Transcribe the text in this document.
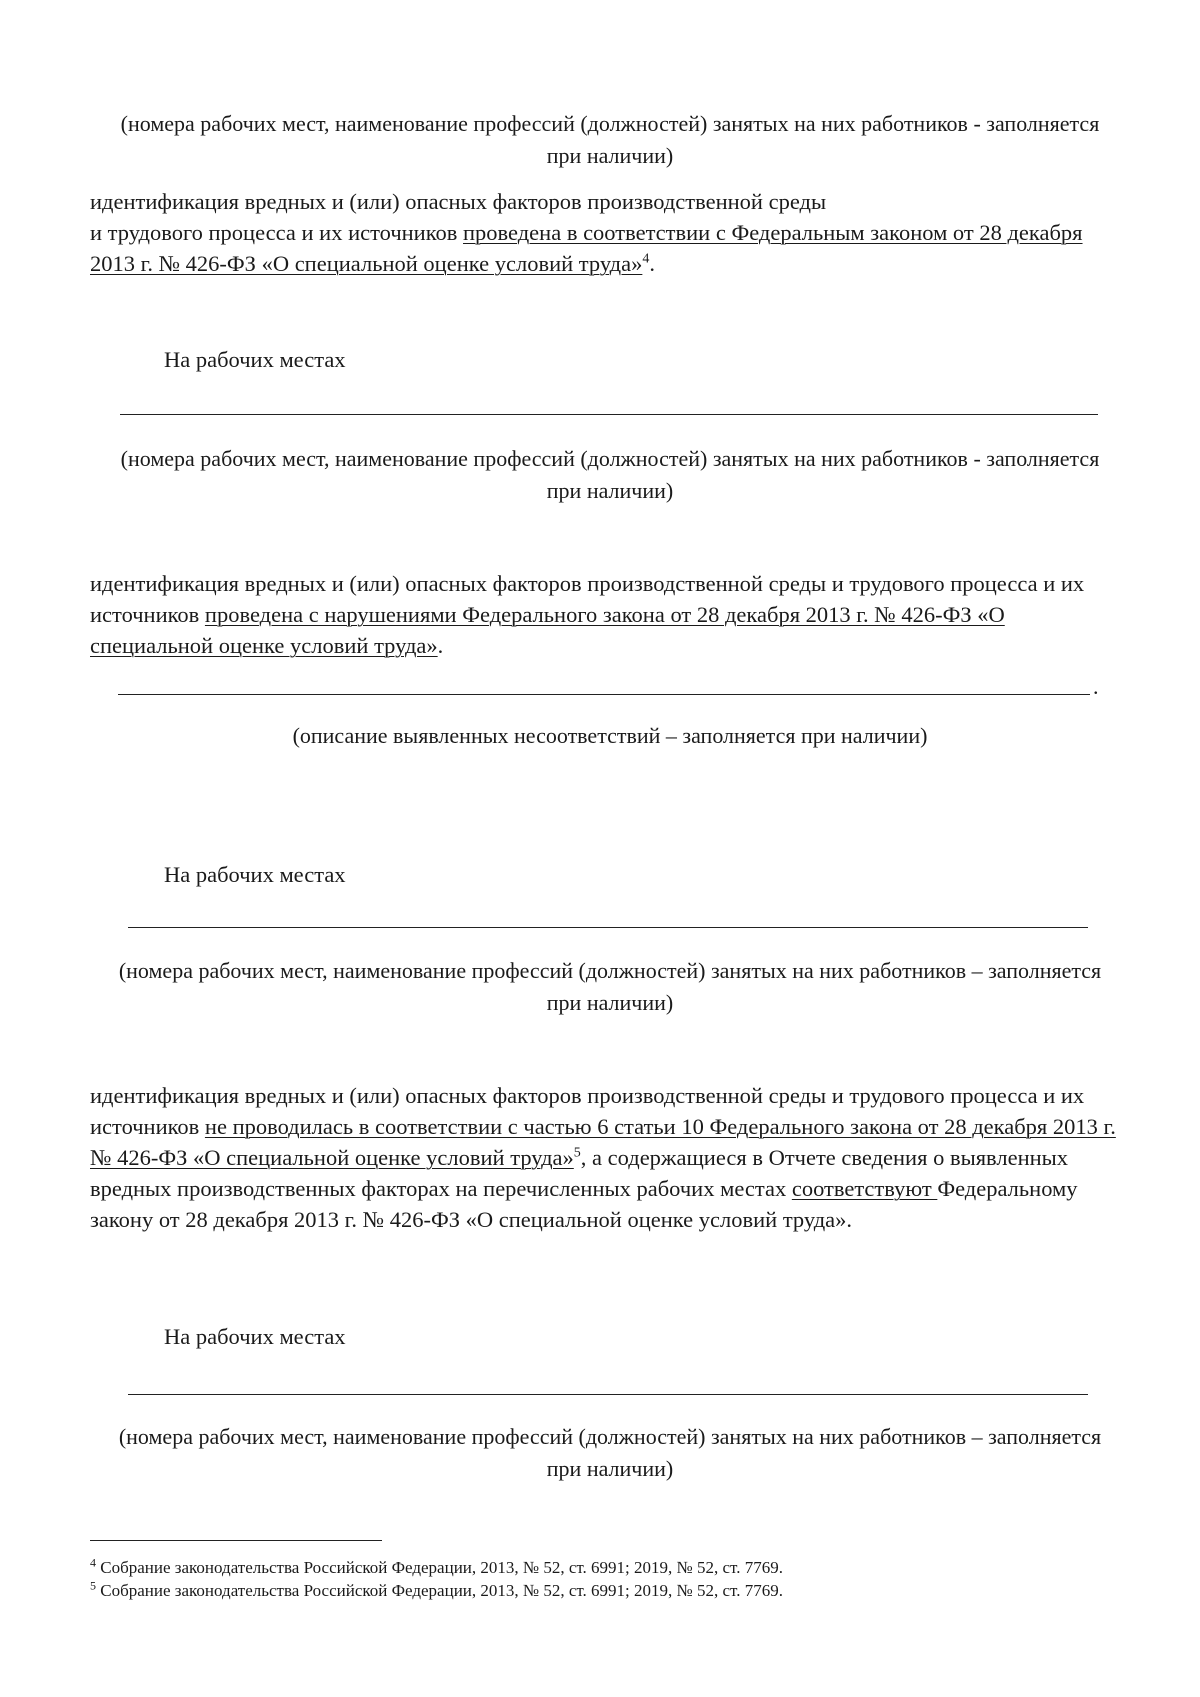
(номера рабочих мест, наименование профессий (должностей) занятых на них работников - заполняется при наличии)
идентификация вредных и (или) опасных факторов производственной среды
и трудового процесса и их источников проведена в соответствии с Федеральным законом от 28 декабря 2013 г. № 426-ФЗ «О специальной оценке условий труда»$^4$.
На рабочих местах
(номера рабочих мест, наименование профессий (должностей) занятых на них работников - заполняется при наличии)
идентификация вредных и (или) опасных факторов производственной среды и трудового процесса и их источников проведена с нарушениями Федерального закона от 28 декабря 2013 г. № 426-ФЗ «О специальной оценке условий труда».
.
(описание выявленных несоответствий – заполняется при наличии)
На рабочих местах
(номера рабочих мест, наименование профессий (должностей) занятых на них работников – заполняется при наличии)
идентификация вредных и (или) опасных факторов производственной среды и трудового процесса и их источников не проводилась в соответствии с частью 6 статьи 10 Федерального закона от 28 декабря 2013 г. № 426-ФЗ «О специальной оценке условий труда»$^5$, а содержащиеся в Отчете сведения о выявленных вредных производственных факторах на перечисленных рабочих местах соответствуют Федеральному закону от 28 декабря 2013 г. № 426-ФЗ «О специальной оценке условий труда».
На рабочих местах
(номера рабочих мест, наименование профессий (должностей) занятых на них работников – заполняется при наличии)
$^4$ Собрание законодательства Российской Федерации, 2013, № 52, ст. 6991; 2019, № 52, ст. 7769.
$^5$ Собрание законодательства Российской Федерации, 2013, № 52, ст. 6991; 2019, № 52, ст. 7769.
